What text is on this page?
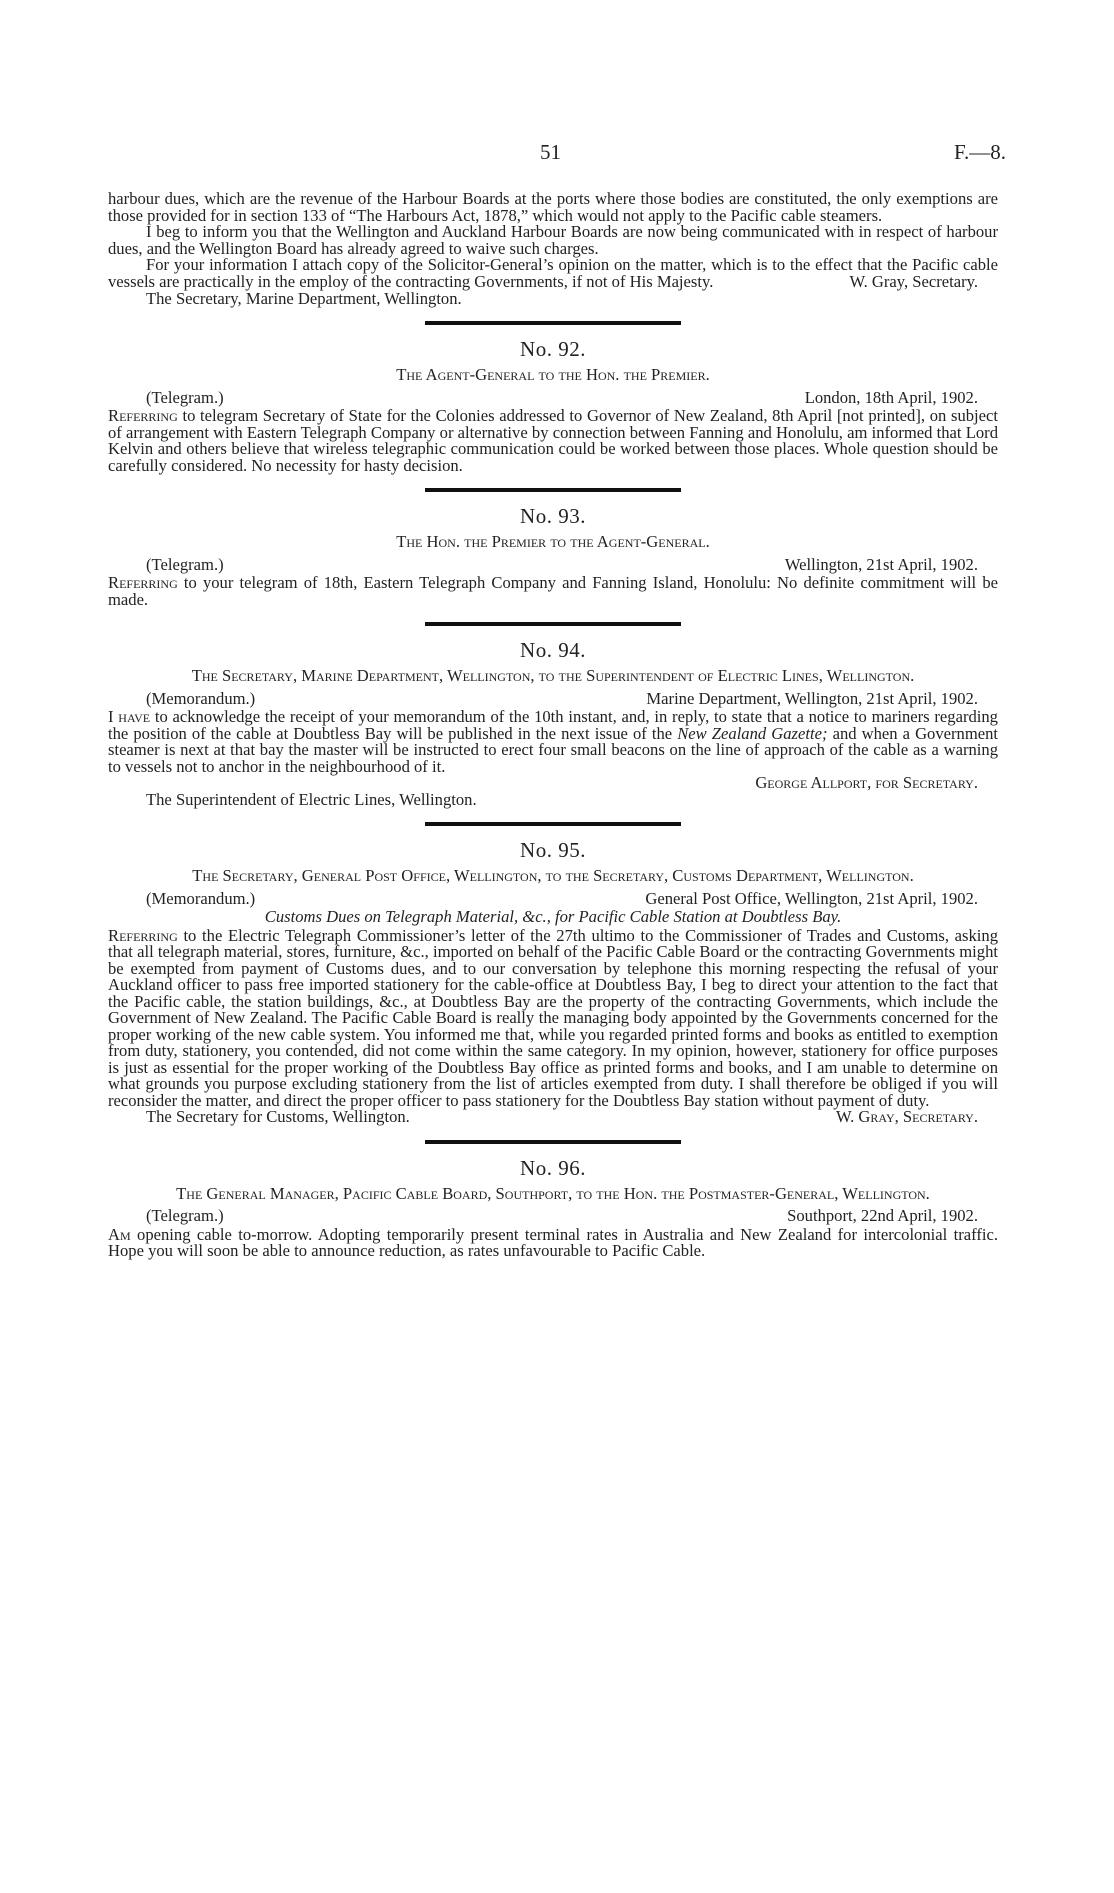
51	F.—8.

harbour dues, which are the revenue of the Harbour Boards at the ports where those bodies are constituted, the only exemptions are those provided for in section 133 of “The Harbours Act, 1878,” which would not apply to the Pacific cable steamers.

I beg to inform you that the Wellington and Auckland Harbour Boards are now being communicated with in respect of harbour dues, and the Wellington Board has already agreed to waive such charges.

For your information I attach copy of the Solicitor-General’s opinion on the matter, which is to the effect that the Pacific cable vessels are practically in the employ of the contracting Governments, if not of His Majesty.	W. Gray, Secretary.
The Secretary, Marine Department, Wellington.
No. 92.
The Agent-General to the Hon. the Premier.
(Telegram.)	London, 18th April, 1902.

Referring to telegram Secretary of State for the Colonies addressed to Governor of New Zealand, 8th April [not printed], on subject of arrangement with Eastern Telegraph Company or alternative by connection between Fanning and Honolulu, am informed that Lord Kelvin and others believe that wireless telegraphic communication could be worked between those places. Whole question should be carefully considered. No necessity for hasty decision.

No. 93.
The Hon. the Premier to the Agent-General.
(Telegram.)	Wellington, 21st April, 1902.

Referring to your telegram of 18th, Eastern Telegraph Company and Fanning Island, Honolulu: No definite commitment will be made.

No. 94.
The Secretary, Marine Department, Wellington, to the Superintendent of Electric Lines, Wellington.
(Memorandum.)	Marine Department, Wellington, 21st April, 1902.

I have to acknowledge the receipt of your memorandum of the 10th instant, and, in reply, to state that a notice to mariners regarding the position of the cable at Doubtless Bay will be published in the next issue of the New Zealand Gazette; and when a Government steamer is next at that bay the master will be instructed to erect four small beacons on the line of approach of the cable as a warning to vessels not to anchor in the neighbourhood of it.

George Allport, for Secretary.
The Superintendent of Electric Lines, Wellington.
No. 95.
The Secretary, General Post Office, Wellington, to the Secretary, Customs Department, Wellington.
(Memorandum.)	General Post Office, Wellington, 21st April, 1902.
Customs Dues on Telegraph Material, &c., for Pacific Cable Station at Doubtless Bay.

Referring to the Electric Telegraph Commissioner’s letter of the 27th ultimo to the Commissioner of Trades and Customs, asking that all telegraph material, stores, furniture, &c., imported on behalf of the Pacific Cable Board or the contracting Governments might be exempted from payment of Customs dues, and to our conversation by telephone this morning respecting the refusal of your Auckland officer to pass free imported stationery for the cable-office at Doubtless Bay, I beg to direct your attention to the fact that the Pacific cable, the station buildings, &c., at Doubtless Bay are the property of the contracting Governments, which include the Government of New Zealand. The Pacific Cable Board is really the managing body appointed by the Governments concerned for the proper working of the new cable system. You informed me that, while you regarded printed forms and books as entitled to exemption from duty, stationery, you contended, did not come within the same category. In my opinion, however, stationery for office purposes is just as essential for the proper working of the Doubtless Bay office as printed forms and books, and I am unable to determine on what grounds you purpose excluding stationery from the list of articles exempted from duty. I shall therefore be obliged if you will reconsider the matter, and direct the proper officer to pass stationery for the Doubtless Bay station without payment of duty.

The Secretary for Customs, Wellington.	W. Gray, Secretary.
No. 96.
The General Manager, Pacific Cable Board, Southport, to the Hon. the Postmaster-General, Wellington.
(Telegram.)	Southport, 22nd April, 1902.

Am opening cable to-morrow. Adopting temporarily present terminal rates in Australia and New Zealand for intercolonial traffic. Hope you will soon be able to announce reduction, as rates unfavourable to Pacific Cable.
